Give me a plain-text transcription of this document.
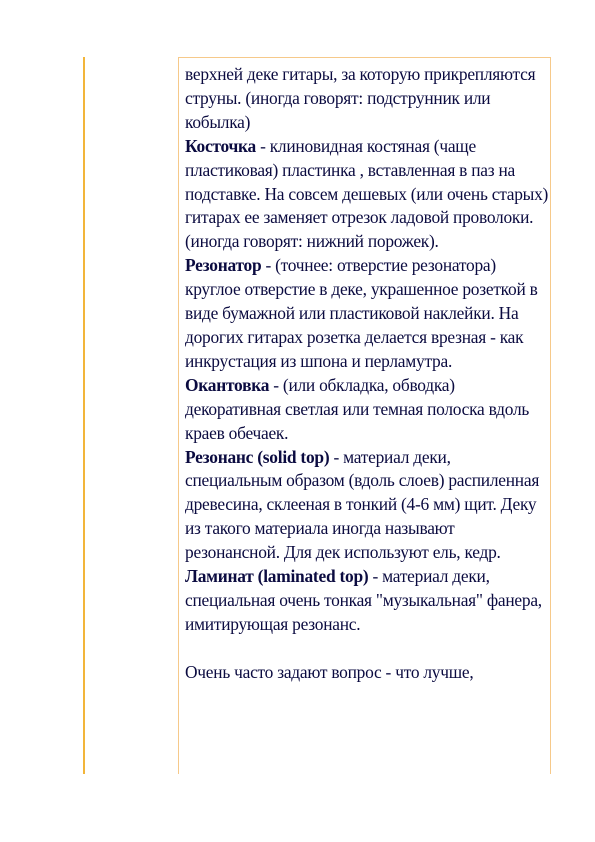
верхней деке гитары, за которую прикрепляются струны. (иногда говорят: подструнник или кобылка)

Косточка - клиновидная костяная (чаще пластиковая) пластинка , вставленная в паз на подставке. На совсем дешевых (или очень старых) гитарах ее заменяет отрезок ладовой проволоки. (иногда говорят: нижний порожек).

Резонатор - (точнее: отверстие резонатора) круглое отверстие в деке, украшенное розеткой в виде бумажной или пластиковой наклейки. На дорогих гитарах розетка делается врезная - как инкрустация из шпона и перламутра.

Окантовка - (или обкладка, обводка) декоративная светлая или темная полоска вдоль краев обечаек.

Резонанс (solid top) - материал деки, специальным образом (вдоль слоев) распиленная древесина, склееная в тонкий (4-6 мм) щит. Деку из такого материала иногда называют резонансной. Для дек используют ель, кедр.

Ламинат (laminated top) - материал деки, специальная очень тонкая "музыкальная" фанера, имитирующая резонанс.

Очень часто задают вопрос - что лучше,
